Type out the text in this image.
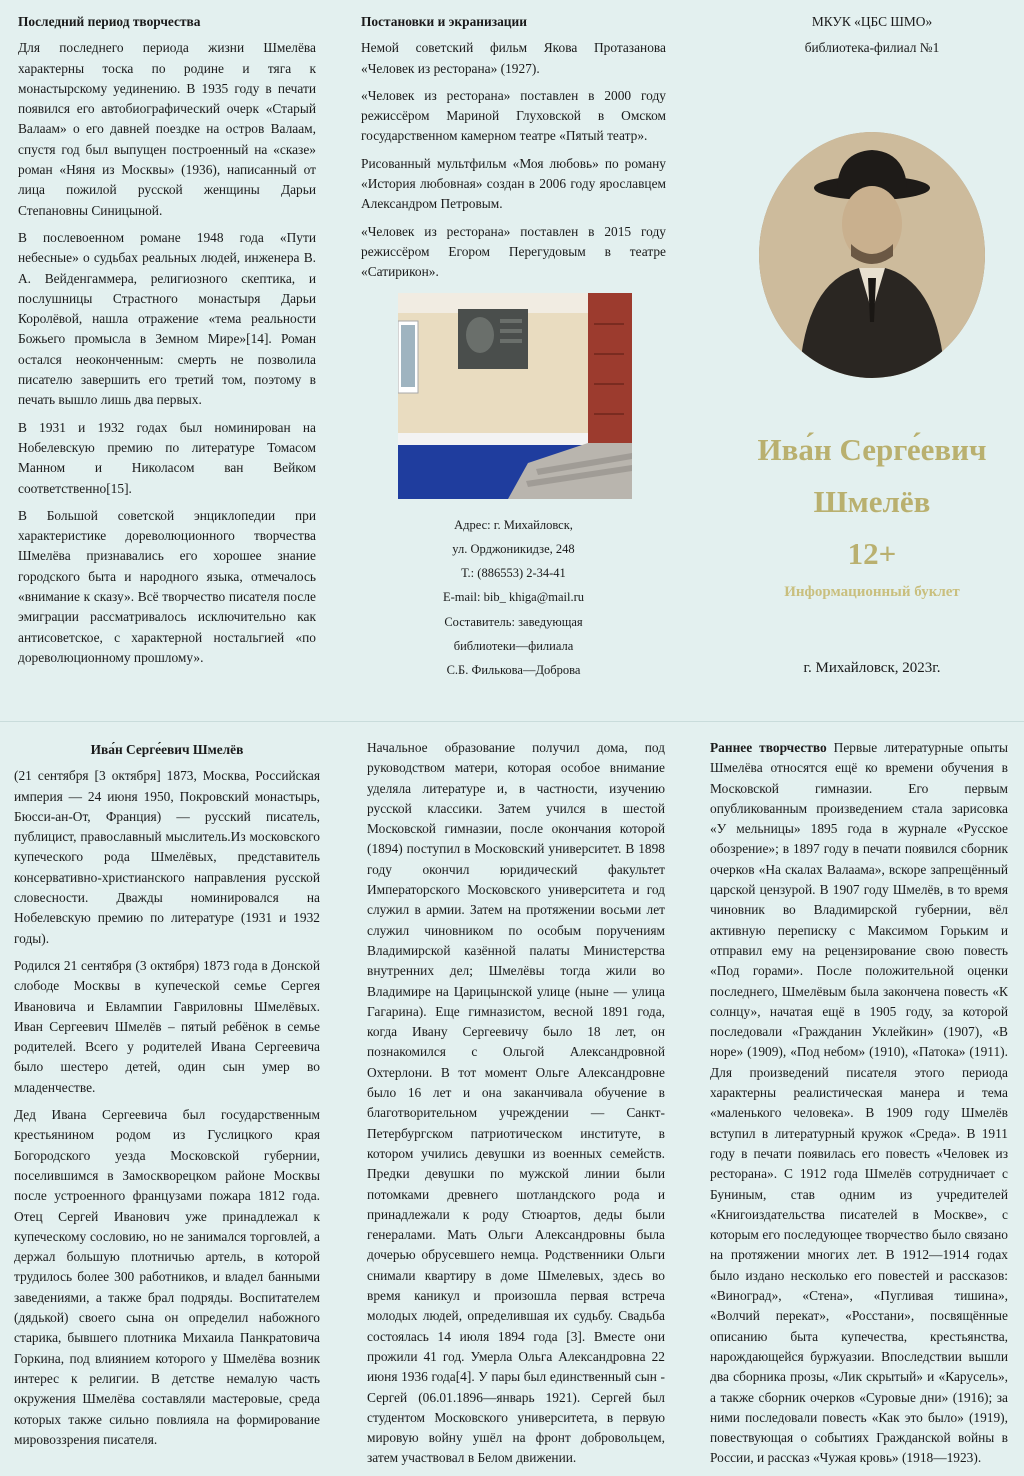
Последний период творчества

Для последнего периода жизни Шмелёва характерны тоска по родине и тяга к монастырскому уединению. В 1935 году в печати появился его автобиографический очерк «Старый Валаам» о его давней поездке на остров Валаам, спустя год был выпущен построенный на «сказе» роман «Няня из Москвы» (1936), написанный от лица пожилой русской женщины Дарьи Степановны Синицыной.

В послевоенном романе 1948 года «Пути небесные» о судьбах реальных людей, инженера В. А. Вейденгаммера, религиозного скептика, и послушницы Страстного монастыря Дарьи Королёвой, нашла отражение «тема реальности Божьего промысла в Земном Мире»[14]. Роман остался неоконченным: смерть не позволила писателю завершить его третий том, поэтому в печать вышло лишь два первых.

В 1931 и 1932 годах был номинирован на Нобелевскую премию по литературе Томасом Манном и Николасом ван Вейком соответственно[15].

В Большой советской энциклопедии при характеристике дореволюционного творчества Шмелёва признавались его хорошее знание городского быта и народного языка, отмечалось «внимание к сказу». Всё творчество писателя после эмиграции рассматривалось исключительно как антисоветское, с характерной ностальгией «по дореволюционному прошлому».

Постановки и экранизации

Немой советский фильм Якова Протазанова «Человек из ресторана» (1927).

«Человек из ресторана» поставлен в 2000 году режиссёром Мариной Глуховской в Омском государственном камерном театре «Пятый театр».

Рисованный мультфильм «Моя любовь» по роману «История любовная» создан в 2006 году ярославцем Александром Петровым.

«Человек из ресторана» поставлен в 2015 году режиссёром Егором Перегудовым в театре «Сатирикон».

Адрес: г. Михайловск,
ул. Орджоникидзе, 248
Т.: (886553) 2-34-41
E-mail: bib_ khiga@mail.ru
Составитель: заведующая
библиотеки—филиала
С.Б. Филькова—Доброва
МКУК «ЦБС ШМО»
библиотека-филиал №1
Ива́н Серге́евич
Шмелёв
12+
Информационный буклет
г. Михайловск, 2023г.
Ива́н Серге́евич Шмелёв

(21 сентября [3 октября] 1873, Москва, Российская империя — 24 июня 1950, Покровский монастырь, Бюсси-ан-От, Франция) — русский писатель, публицист, православный мыслитель.Из московского купеческого рода Шмелёвых, представитель консервативно-христианского направления русской словесности. Дважды номинировался на Нобелевскую премию по литературе (1931 и 1932 годы).

Родился 21 сентября (3 октября) 1873 года в Донской слободе Москвы в купеческой семье Сергея Ивановича и Евлампии Гавриловны Шмелёвых. Иван Сергеевич Шмелёв – пятый ребёнок в семье родителей. Всего у родителей Ивана Сергеевича было шестеро детей, один сын умер во младенчестве.

Дед Ивана Сергеевича был государственным крестьянином родом из Гуслицкого края Богородского уезда Московской губернии, поселившимся в Замоскворецком районе Москвы после устроенного французами пожара 1812 года. Отец Сергей Иванович уже принадлежал к купеческому сословию, но не занимался торговлей, а держал большую плотничью артель, в которой трудилось более 300 работников, и владел банными заведениями, а также брал подряды. Воспитателем (дядькой) своего сына он определил набожного старика, бывшего плотника Михаила Панкратовича Горкина, под влиянием которого у Шмелёва возник интерес к религии. В детстве немалую часть окружения Шмелёва составляли мастеровые, среда которых также сильно повлияла на формирование мировоззрения писателя.

Начальное образование получил дома, под руководством матери, которая особое внимание уделяла литературе и, в частности, изучению русской классики. Затем учился в шестой Московской гимназии, после окончания которой (1894) поступил в Московский университет. В 1898 году окончил юридический факультет Императорского Московского университета и год служил в армии. Затем на протяжении восьми лет служил чиновником по особым поручениям Владимирской казённой палаты Министерства внутренних дел; Шмелёвы тогда жили во Владимире на Царицынской улице (ныне — улица Гагарина). Еще гимназистом, весной 1891 года, когда Ивану Сергеевичу было 18 лет, он познакомился с Ольгой Александровной Охтерлони. В тот момент Ольге Александровне было 16 лет и она заканчивала обучение в благотворительном учреждении — Санкт-Петербургском патриотическом институте, в котором учились девушки из военных семейств. Предки девушки по мужской линии были потомками древнего шотландского рода и принадлежали к роду Стюартов, деды были генералами. Мать Ольги Александровны была дочерью обрусевшего немца. Родственники Ольги снимали квартиру в доме Шмелевых, здесь во время каникул и произошла первая встреча молодых людей, определившая их судьбу. Свадьба состоялась 14 июля 1894 года [3]. Вместе они прожили 41 год. Умерла Ольга Александровна 22 июня 1936 года[4]. У пары был единственный сын - Сергей (06.01.1896—январь 1921). Сергей был студентом Московского университета, в первую мировую войну ушёл на фронт добровольцем, затем участвовал в Белом движении.

Раннее творчество Первые литературные опыты Шмелёва относятся ещё ко времени обучения в Московской гимназии. Его первым опубликованным произведением стала зарисовка «У мельницы» 1895 года в журнале «Русское обозрение»; в 1897 году в печати появился сборник очерков «На скалах Валаама», вскоре запрещённый царской цензурой. В 1907 году Шмелёв, в то время чиновник во Владимирской губернии, вёл активную переписку с Максимом Горьким и отправил ему на рецензирование свою повесть «Под горами». После положительной оценки последнего, Шмелёвым была закончена повесть «К солнцу», начатая ещё в 1905 году, за которой последовали «Гражданин Уклейкин» (1907), «В норе» (1909), «Под небом» (1910), «Патока» (1911). Для произведений писателя этого периода характерны реалистическая манера и тема «маленького человека». В 1909 году Шмелёв вступил в литературный кружок «Среда». В 1911 году в печати появилась его повесть «Человек из ресторана». С 1912 года Шмелёв сотрудничает с Буниным, став одним из учредителей «Книгоиздательства писателей в Москве», с которым его последующее творчество было связано на протяжении многих лет. В 1912—1914 годах было издано несколько его повестей и рассказов: «Виноград», «Стена», «Пугливая тишина», «Волчий перекат», «Росстани», посвящённые описанию быта купечества, крестьянства, нарождающейся буржуазии. Впоследствии вышли два сборника прозы, «Лик скрытый» и «Карусель», а также сборник очерков «Суровые дни» (1916); за ними последовали повесть «Как это было» (1919), повествующая о событиях Гражданской войны в России, и рассказ «Чужая кровь» (1918—1923).
